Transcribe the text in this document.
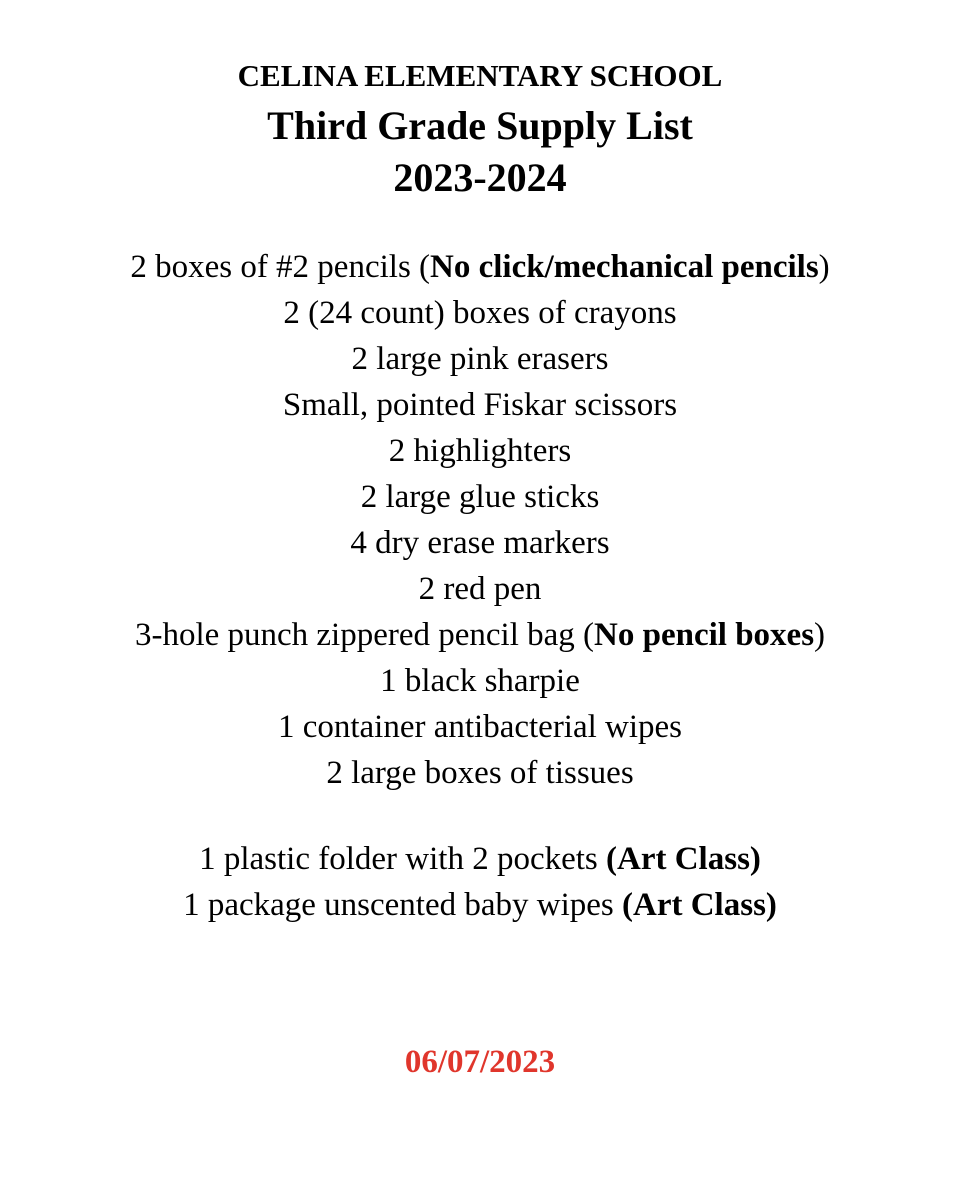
CELINA ELEMENTARY SCHOOL
Third Grade Supply List
2023-2024
2 boxes of #2 pencils (No click/mechanical pencils)
2 (24 count) boxes of crayons
2 large pink erasers
Small, pointed Fiskar scissors
2 highlighters
2 large glue sticks
4 dry erase markers
2 red pen
3-hole punch zippered pencil bag (No pencil boxes)
1 black sharpie
1 container antibacterial wipes
2 large boxes of tissues
1 plastic folder with 2 pockets (Art Class)
1 package unscented baby wipes (Art Class)
06/07/2023
